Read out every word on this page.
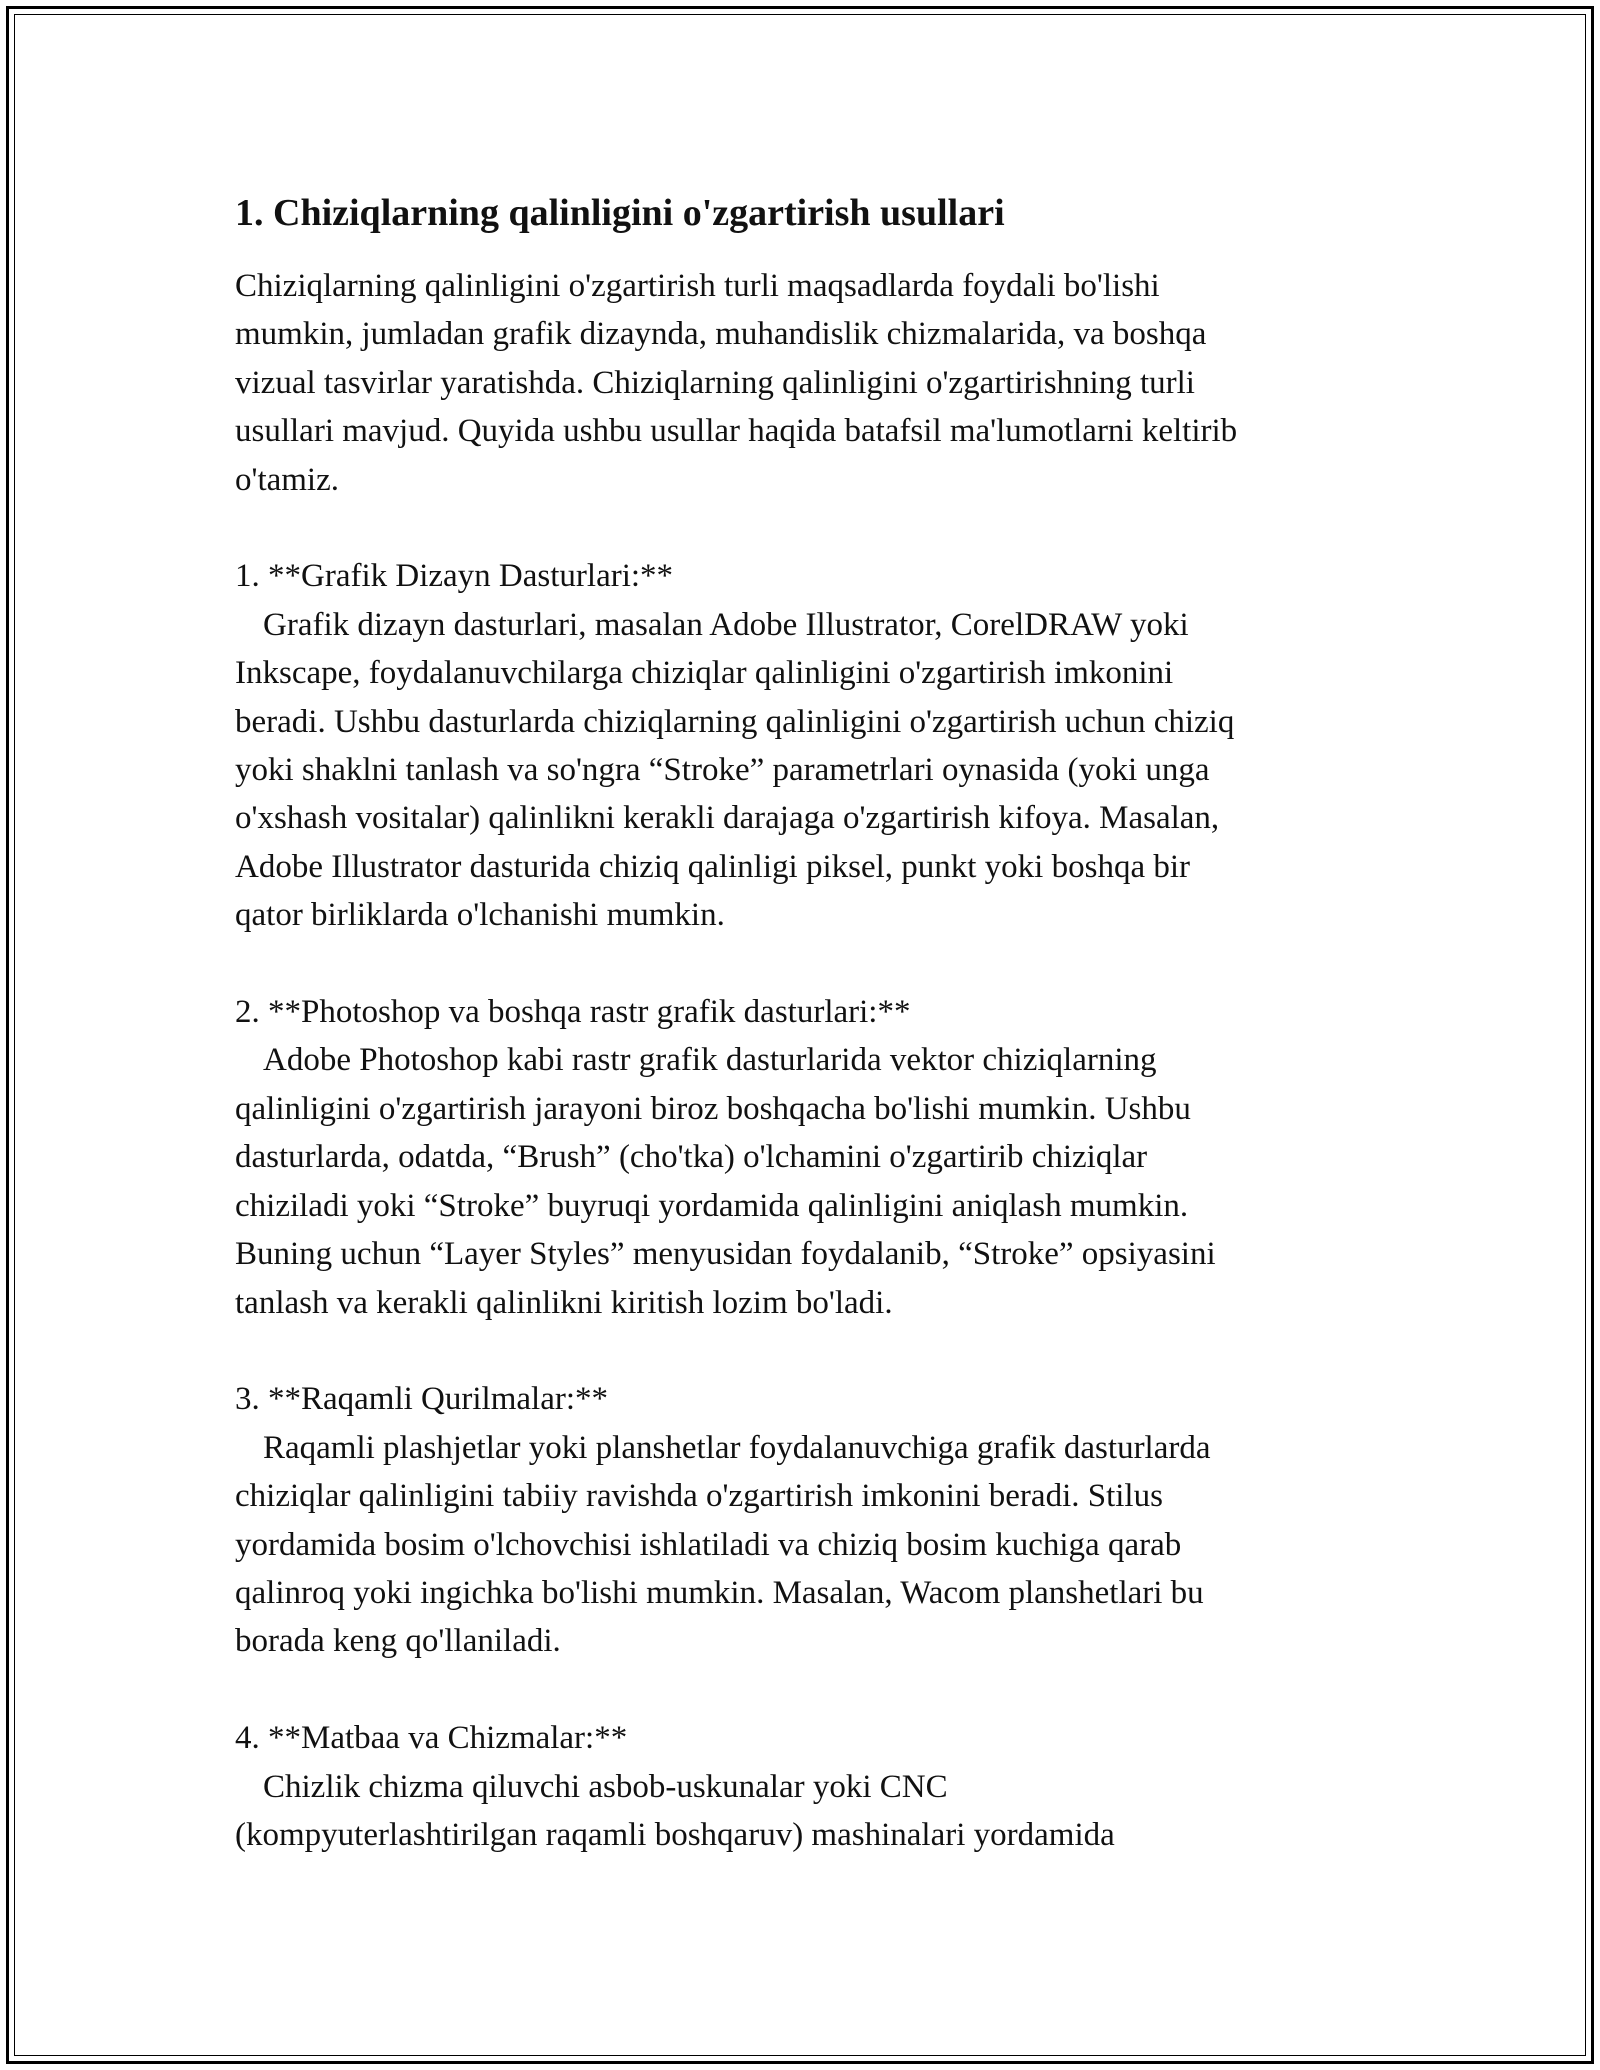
1. Chiziqlarning qalinligini o'zgartirish usullari

Chiziqlarning qalinligini o'zgartirish turli maqsadlarda foydali bo'lishi

mumkin, jumladan grafik dizaynda, muhandislik chizmalarida, va boshqa

vizual tasvirlar yaratishda. Chiziqlarning qalinligini o'zgartirishning turli

usullari mavjud. Quyida ushbu usullar haqida batafsil ma'lumotlarni keltirib

o'tamiz.

1. **Grafik Dizayn Dasturlari:**

Grafik dizayn dasturlari, masalan Adobe Illustrator, CorelDRAW yoki

Inkscape, foydalanuvchilarga chiziqlar qalinligini o'zgartirish imkonini

beradi. Ushbu dasturlarda chiziqlarning qalinligini o'zgartirish uchun chiziq

yoki shaklni tanlash va so'ngra “Stroke” parametrlari oynasida (yoki unga

o'xshash vositalar) qalinlikni kerakli darajaga o'zgartirish kifoya. Masalan,

Adobe Illustrator dasturida chiziq qalinligi piksel, punkt yoki boshqa bir

qator birliklarda o'lchanishi mumkin.

2. **Photoshop va boshqa rastr grafik dasturlari:**

Adobe Photoshop kabi rastr grafik dasturlarida vektor chiziqlarning

qalinligini o'zgartirish jarayoni biroz boshqacha bo'lishi mumkin. Ushbu

dasturlarda, odatda, “Brush” (cho'tka) o'lchamini o'zgartirib chiziqlar

chiziladi yoki “Stroke” buyruqi yordamida qalinligini aniqlash mumkin.

Buning uchun “Layer Styles” menyusidan foydalanib, “Stroke” opsiyasini

tanlash va kerakli qalinlikni kiritish lozim bo'ladi.

3. **Raqamli Qurilmalar:**

Raqamli plashjetlar yoki planshetlar foydalanuvchiga grafik dasturlarda

chiziqlar qalinligini tabiiy ravishda o'zgartirish imkonini beradi. Stilus

yordamida bosim o'lchovchisi ishlatiladi va chiziq bosim kuchiga qarab

qalinroq yoki ingichka bo'lishi mumkin. Masalan, Wacom planshetlari bu

borada keng qo'llaniladi.

4. **Matbaa va Chizmalar:**

Chizlik chizma qiluvchi asbob-uskunalar yoki CNC

(kompyuterlashtirilgan raqamli boshqaruv) mashinalari yordamida
